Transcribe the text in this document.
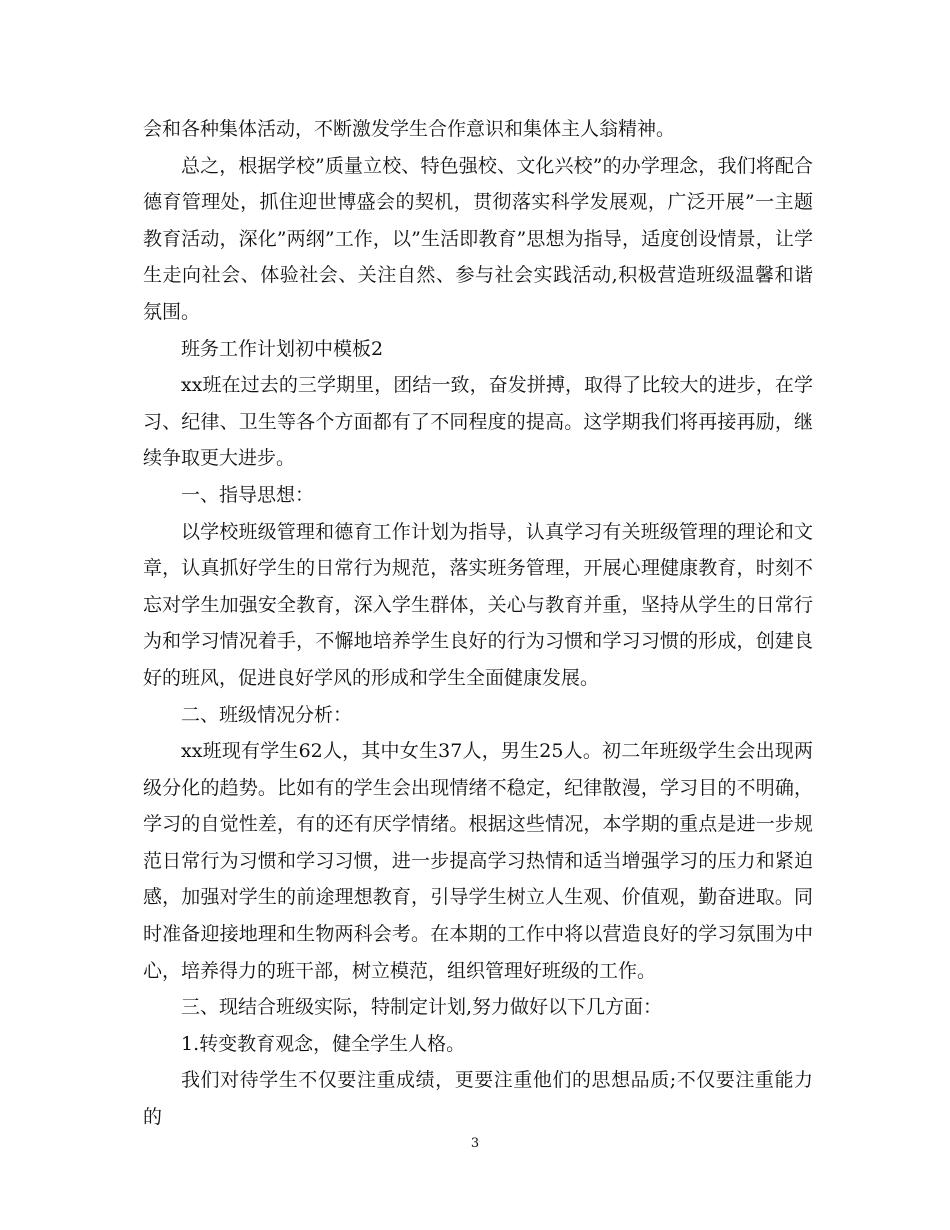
会和各种集体活动，不断激发学生合作意识和集体主人翁精神。

总之，根据学校”质量立校、特色强校、文化兴校”的办学理念，我们将配合德育管理处，抓住迎世博盛会的契机，贯彻落实科学发展观，广泛开展”一主题教育活动，深化”两纲”工作，以”生活即教育”思想为指导，适度创设情景，让学生走向社会、体验社会、关注自然、参与社会实践活动,积极营造班级温馨和谐氛围。

班务工作计划初中模板2

xx班在过去的三学期里，团结一致，奋发拼搏，取得了比较大的进步，在学习、纪律、卫生等各个方面都有了不同程度的提高。这学期我们将再接再励，继续争取更大进步。

一、指导思想：

以学校班级管理和德育工作计划为指导，认真学习有关班级管理的理论和文章，认真抓好学生的日常行为规范，落实班务管理，开展心理健康教育，时刻不忘对学生加强安全教育，深入学生群体，关心与教育并重，坚持从学生的日常行为和学习情况着手，不懈地培养学生良好的行为习惯和学习习惯的形成，创建良好的班风，促进良好学风的形成和学生全面健康发展。

二、班级情况分析：

xx班现有学生62人，其中女生37人，男生25人。初二年班级学生会出现两级分化的趋势。比如有的学生会出现情绪不稳定，纪律散漫，学习目的不明确，学习的自觉性差，有的还有厌学情绪。根据这些情况，本学期的重点是进一步规范日常行为习惯和学习习惯，进一步提高学习热情和适当增强学习的压力和紧迫感，加强对学生的前途理想教育，引导学生树立人生观、价值观，勤奋进取。同时准备迎接地理和生物两科会考。在本期的工作中将以营造良好的学习氛围为中心，培养得力的班干部，树立模范，组织管理好班级的工作。

三、现结合班级实际，特制定计划,努力做好以下几方面：

1.转变教育观念，健全学生人格。

我们对待学生不仅要注重成绩，更要注重他们的思想品质;不仅要注重能力的

3
